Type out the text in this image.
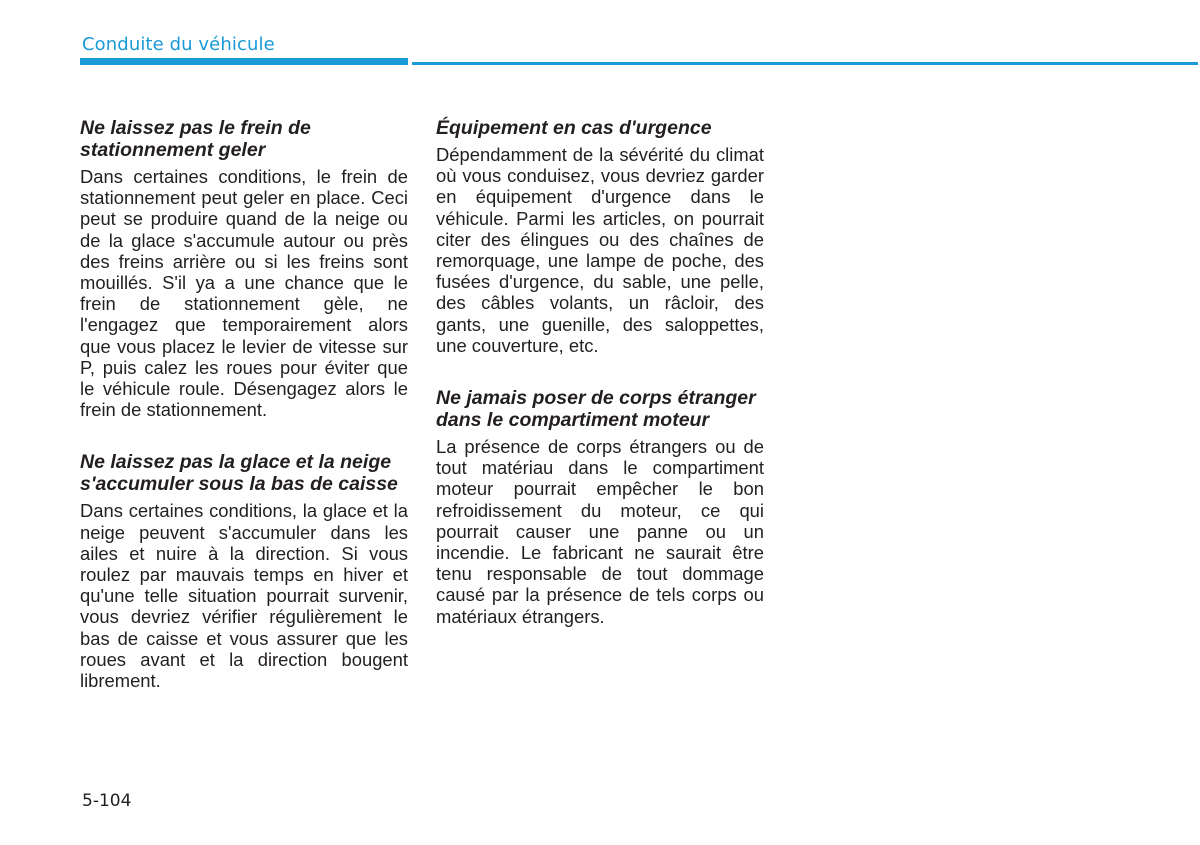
Conduite du véhicule
Ne laissez pas le frein de stationnement geler

Dans certaines conditions, le frein de stationnement peut geler en place. Ceci peut se produire quand de la neige ou de la glace s'accumule autour ou près des freins arrière ou si les freins sont mouillés. S'il ya a une chance que le frein de stationnement gèle, ne l'engagez que temporairement alors que vous placez le levier de vitesse sur P, puis calez les roues pour éviter que le véhicule roule. Désengagez alors le frein de stationnement.

Ne laissez pas la glace et la neige s'accumuler sous la bas de caisse

Dans certaines conditions, la glace et la neige peuvent s'accumuler dans les ailes et nuire à la direction. Si vous roulez par mauvais temps en hiver et qu'une telle situation pourrait survenir, vous devriez vérifier régulièrement le bas de caisse et vous assurer que les roues avant et la direction bougent librement.

Équipement en cas d'urgence

Dépendamment de la sévérité du climat où vous conduisez, vous devriez garder en équipement d'urgence dans le véhicule. Parmi les articles, on pourrait citer des élingues ou des chaînes de remorquage, une lampe de poche, des fusées d'urgence, du sable, une pelle, des câbles volants, un râcloir, des gants, une guenille, des saloppettes, une couverture, etc.

Ne jamais poser de corps étranger dans le compartiment moteur

La présence de corps étrangers ou de tout matériau dans le compartiment moteur pourrait empêcher le bon refroidissement du moteur, ce qui pourrait causer une panne ou un incendie. Le fabricant ne saurait être tenu responsable de tout dommage causé par la présence de tels corps ou matériaux étrangers.

5-104
